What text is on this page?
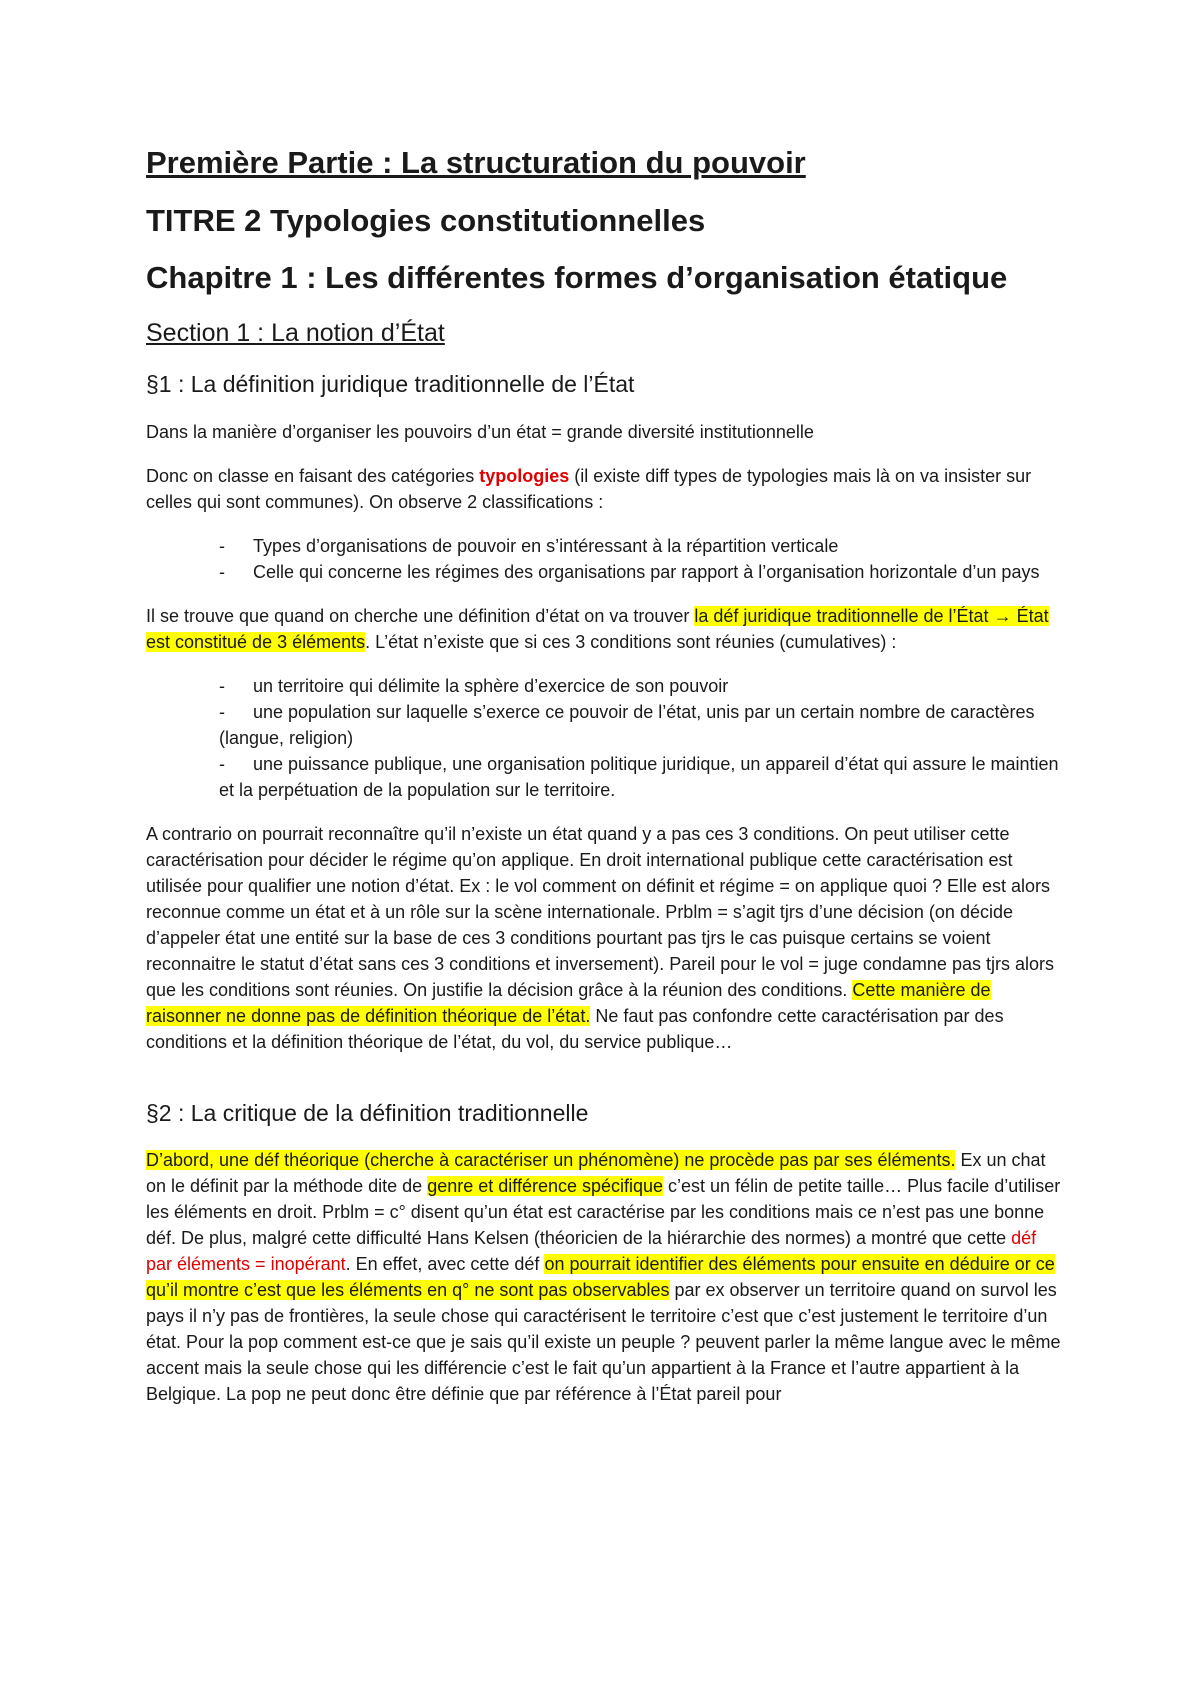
Première Partie : La structuration du pouvoir
TITRE 2 Typologies constitutionnelles
Chapitre 1 : Les différentes formes d’organisation étatique
Section 1 : La notion d’État
§1 : La définition juridique traditionnelle de l’État

Dans la manière d’organiser les pouvoirs d’un état = grande diversité institutionnelle

Donc on classe en faisant des catégories typologies (il existe diff types de typologies mais là on va insister sur celles qui sont communes). On observe 2 classifications :

- Types d’organisations de pouvoir en s’intéressant à la répartition verticale
- Celle qui concerne les régimes des organisations par rapport à l’organisation horizontale d’un pays

Il se trouve que quand on cherche une définition d’état on va trouver la déf juridique traditionnelle de l’État → État est constitué de 3 éléments. L’état n’existe que si ces 3 conditions sont réunies (cumulatives) :

- un territoire qui délimite la sphère d’exercice de son pouvoir
- une population sur laquelle s’exerce ce pouvoir de l’état, unis par un certain nombre de caractères (langue, religion)
- une puissance publique, une organisation politique juridique, un appareil d’état qui assure le maintien et la perpétuation de la population sur le territoire.

A contrario on pourrait reconnaître qu’il n’existe un état quand y a pas ces 3 conditions. On peut utiliser cette caractérisation pour décider le régime qu’on applique. En droit international publique cette caractérisation est utilisée pour qualifier une notion d’état. Ex : le vol comment on définit et régime = on applique quoi ? Elle est alors reconnue comme un état et à un rôle sur la scène internationale. Prblm = s’agit tjrs d’une décision (on décide d’appeler état une entité sur la base de ces 3 conditions pourtant pas tjrs le cas puisque certains se voient reconnaitre le statut d’état sans ces 3 conditions et inversement). Pareil pour le vol = juge condamne pas tjrs alors que les conditions sont réunies. On justifie la décision grâce à la réunion des conditions. Cette manière de raisonner ne donne pas de définition théorique de l’état. Ne faut pas confondre cette caractérisation par des conditions et la définition théorique de l’état, du vol, du service publique…

§2 : La critique de la définition traditionnelle

D’abord, une déf théorique (cherche à caractériser un phénomène) ne procède pas par ses éléments. Ex un chat on le définit par la méthode dite de genre et différence spécifique c’est un félin de petite taille… Plus facile d’utiliser les éléments en droit. Prblm = c° disent qu’un état est caractérise par les conditions mais ce n’est pas une bonne déf. De plus, malgré cette difficulté Hans Kelsen (théoricien de la hiérarchie des normes) a montré que cette déf par éléments = inopérant. En effet, avec cette déf on pourrait identifier des éléments pour ensuite en déduire or ce qu’il montre c’est que les éléments en q° ne sont pas observables par ex observer un territoire quand on survol les pays il n’y pas de frontières, la seule chose qui caractérisent le territoire c’est que c’est justement le territoire d’un état. Pour la pop comment est-ce que je sais qu’il existe un peuple ? peuvent parler la même langue avec le même accent mais la seule chose qui les différencie c’est le fait qu’un appartient à la France et l’autre appartient à la Belgique. La pop ne peut donc être définie que par référence à l’État pareil pour
